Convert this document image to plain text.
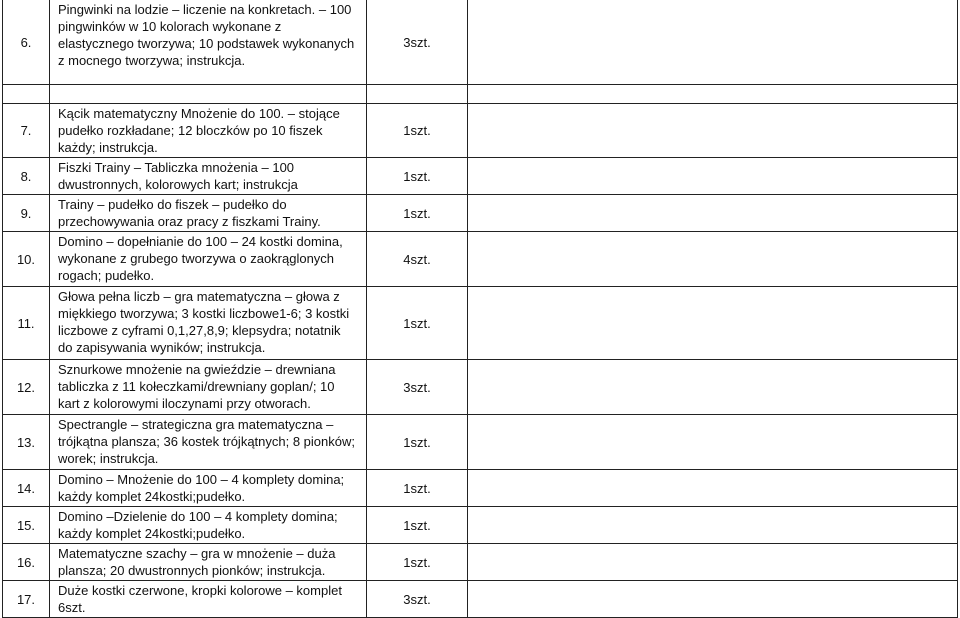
6.	Pingwinki na lodzie – liczenie na konkretach. – 100 pingwinków w 10 kolorach wykonane z elastycznego tworzywa; 10 podstawek wykonanych z mocnego tworzywa; instrukcja.	3szt.	

7.	Kącik matematyczny Mnożenie do 100. – stojące pudełko rozkładane; 12 bloczków po 10 fiszek każdy; instrukcja.	1szt.	
8.	Fiszki Trainy – Tabliczka mnożenia – 100 dwustronnych, kolorowych kart; instrukcja	1szt.	
9.	Trainy – pudełko do fiszek – pudełko do przechowywania oraz pracy z fiszkami Trainy.	1szt.	
10.	Domino – dopełnianie do 100 – 24 kostki domina, wykonane z grubego tworzywa o zaokrąglonych rogach; pudełko.	4szt.	
11.	Głowa pełna liczb – gra matematyczna – głowa z miękkiego tworzywa; 3 kostki liczbowe1-6; 3 kostki liczbowe z cyframi 0,1,27,8,9; klepsydra; notatnik do zapisywania wyników; instrukcja.	1szt.	
12.	Sznurkowe mnożenie na gwieździe – drewniana tabliczka z 11 kołeczkami/drewniany goplan/; 10 kart z kolorowymi iloczynami przy otworach.	3szt.	
13.	Spectrangle – strategiczna gra matematyczna – trójkątna plansza; 36 kostek trójkątnych; 8 pionków; worek; instrukcja.	1szt.	
14.	Domino – Mnożenie do 100 – 4 komplety domina; każdy komplet 24kostki;pudełko.	1szt.	
15.	Domino –Dzielenie do 100 – 4 komplety domina; każdy komplet 24kostki;pudełko.	1szt.	
16.	Matematyczne szachy – gra w mnożenie – duża plansza; 20 dwustronnych pionków; instrukcja.	1szt.	
17.	Duże kostki czerwone, kropki kolorowe – komplet 6szt.	3szt.	
